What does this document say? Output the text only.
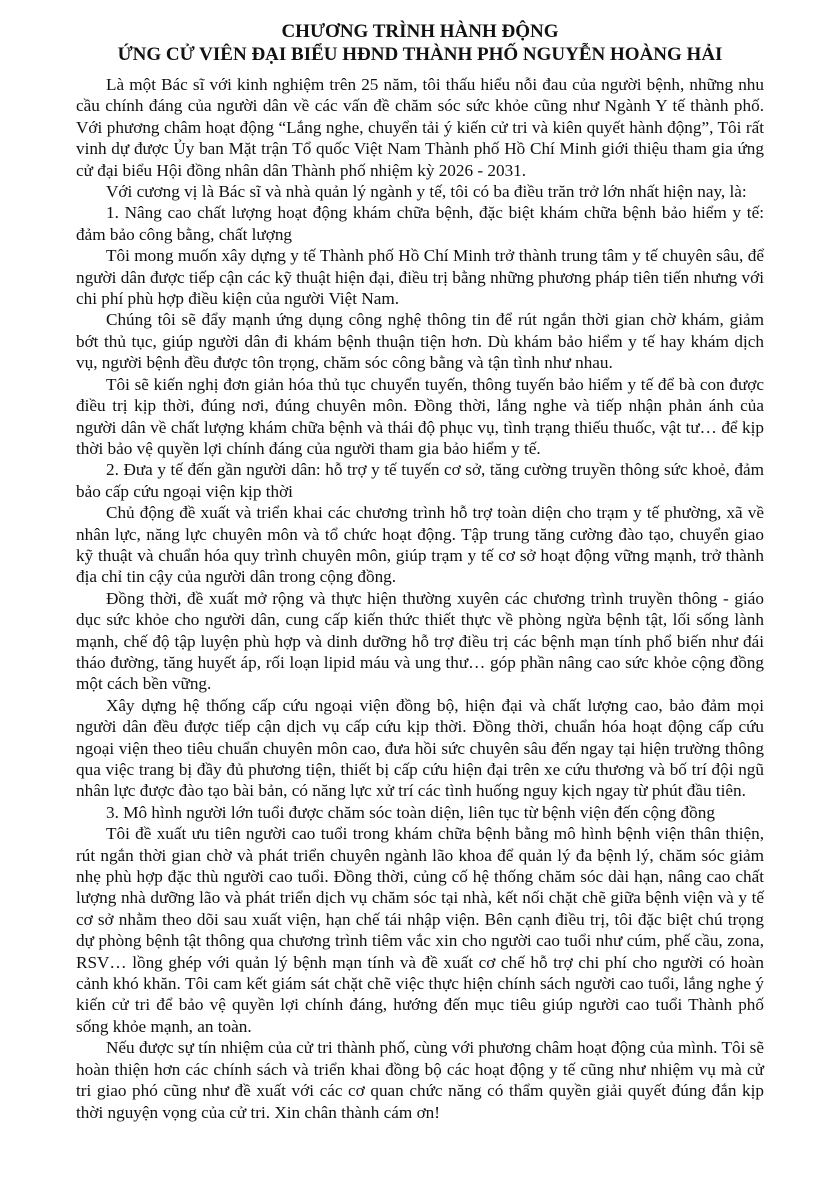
CHƯƠNG TRÌNH HÀNH ĐỘNG
ỨNG CỬ VIÊN ĐẠI BIỂU HĐND THÀNH PHỐ NGUYỄN HOÀNG HẢI

Là một Bác sĩ với kinh nghiệm trên 25 năm, tôi thấu hiểu nỗi đau của người bệnh, những nhu cầu chính đáng của người dân về các vấn đề chăm sóc sức khỏe cũng như Ngành Y tế thành phố. Với phương châm hoạt động “Lắng nghe, chuyển tải ý kiến cử tri và kiên quyết hành động”, Tôi rất vinh dự được Ủy ban Mặt trận Tổ quốc Việt Nam Thành phố Hồ Chí Minh giới thiệu tham gia ứng cử đại biểu Hội đồng nhân dân Thành phố nhiệm kỳ 2026 - 2031.

Với cương vị là Bác sĩ và nhà quản lý ngành y tế, tôi có ba điều trăn trở lớn nhất hiện nay, là:

1. Nâng cao chất lượng hoạt động khám chữa bệnh, đặc biệt khám chữa bệnh bảo hiểm y tế: đảm bảo công bằng, chất lượng

Tôi mong muốn xây dựng y tế Thành phố Hồ Chí Minh trở thành trung tâm y tế chuyên sâu, để người dân được tiếp cận các kỹ thuật hiện đại, điều trị bằng những phương pháp tiên tiến nhưng với chi phí phù hợp điều kiện của người Việt Nam.

Chúng tôi sẽ đẩy mạnh ứng dụng công nghệ thông tin để rút ngắn thời gian chờ khám, giảm bớt thủ tục, giúp người dân đi khám bệnh thuận tiện hơn. Dù khám bảo hiểm y tế hay khám dịch vụ, người bệnh đều được tôn trọng, chăm sóc công bằng và tận tình như nhau.

Tôi sẽ kiến nghị đơn giản hóa thủ tục chuyển tuyến, thông tuyến bảo hiểm y tế để bà con được điều trị kịp thời, đúng nơi, đúng chuyên môn. Đồng thời, lắng nghe và tiếp nhận phản ánh của người dân về chất lượng khám chữa bệnh và thái độ phục vụ, tình trạng thiếu thuốc, vật tư… để kịp thời bảo vệ quyền lợi chính đáng của người tham gia bảo hiểm y tế.

2. Đưa y tế đến gần người dân: hỗ trợ y tế tuyến cơ sở, tăng cường truyền thông sức khoẻ, đảm bảo cấp cứu ngoại viện kịp thời

Chủ động đề xuất và triển khai các chương trình hỗ trợ toàn diện cho trạm y tế phường, xã về nhân lực, năng lực chuyên môn và tổ chức hoạt động. Tập trung tăng cường đào tạo, chuyển giao kỹ thuật và chuẩn hóa quy trình chuyên môn, giúp trạm y tế cơ sở hoạt động vững mạnh, trở thành địa chỉ tin cậy của người dân trong cộng đồng.

Đồng thời, đề xuất mở rộng và thực hiện thường xuyên các chương trình truyền thông - giáo dục sức khỏe cho người dân, cung cấp kiến thức thiết thực về phòng ngừa bệnh tật, lối sống lành mạnh, chế độ tập luyện phù hợp và dinh dưỡng hỗ trợ điều trị các bệnh mạn tính phổ biến như đái tháo đường, tăng huyết áp, rối loạn lipid máu và ung thư… góp phần nâng cao sức khỏe cộng đồng một cách bền vững.

Xây dựng hệ thống cấp cứu ngoại viện đồng bộ, hiện đại và chất lượng cao, bảo đảm mọi người dân đều được tiếp cận dịch vụ cấp cứu kịp thời. Đồng thời, chuẩn hóa hoạt động cấp cứu ngoại viện theo tiêu chuẩn chuyên môn cao, đưa hồi sức chuyên sâu đến ngay tại hiện trường thông qua việc trang bị đầy đủ phương tiện, thiết bị cấp cứu hiện đại trên xe cứu thương và bố trí đội ngũ nhân lực được đào tạo bài bản, có năng lực xử trí các tình huống nguy kịch ngay từ phút đầu tiên.

3. Mô hình người lớn tuổi được chăm sóc toàn diện, liên tục từ bệnh viện đến cộng đồng

Tôi đề xuất ưu tiên người cao tuổi trong khám chữa bệnh bằng mô hình bệnh viện thân thiện, rút ngắn thời gian chờ và phát triển chuyên ngành lão khoa để quản lý đa bệnh lý, chăm sóc giảm nhẹ phù hợp đặc thù người cao tuổi. Đồng thời, củng cố hệ thống chăm sóc dài hạn, nâng cao chất lượng nhà dưỡng lão và phát triển dịch vụ chăm sóc tại nhà, kết nối chặt chẽ giữa bệnh viện và y tế cơ sở nhằm theo dõi sau xuất viện, hạn chế tái nhập viện. Bên cạnh điều trị, tôi đặc biệt chú trọng dự phòng bệnh tật thông qua chương trình tiêm vắc xin cho người cao tuổi như cúm, phế cầu, zona, RSV… lồng ghép với quản lý bệnh mạn tính và đề xuất cơ chế hỗ trợ chi phí cho người có hoàn cảnh khó khăn. Tôi cam kết giám sát chặt chẽ việc thực hiện chính sách người cao tuổi, lắng nghe ý kiến cử tri để bảo vệ quyền lợi chính đáng, hướng đến mục tiêu giúp người cao tuổi Thành phố sống khỏe mạnh, an toàn.

Nếu được sự tín nhiệm của cử tri thành phố, cùng với phương châm hoạt động của mình. Tôi sẽ hoàn thiện hơn các chính sách và triển khai đồng bộ các hoạt động y tế cũng như nhiệm vụ mà cử tri giao phó cũng như đề xuất với các cơ quan chức năng có thẩm quyền giải quyết đúng đắn kịp thời nguyện vọng của cử tri. Xin chân thành cám ơn!
